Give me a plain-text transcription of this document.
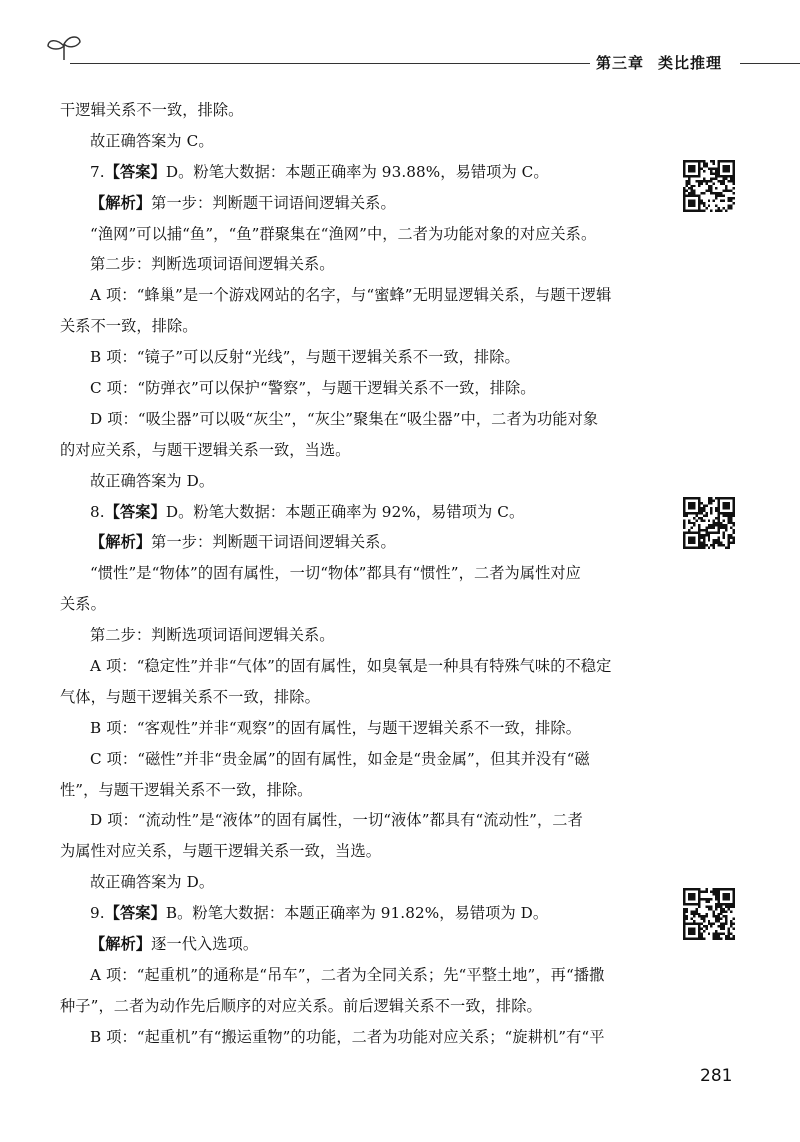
第三章 类比推理
干逻辑关系不一致，排除。
故正确答案为 C。
7.【答案】D。粉笔大数据：本题正确率为 93.88%，易错项为 C。
【解析】第一步：判断题干词语间逻辑关系。
“渔网”可以捕“鱼”，“鱼”群聚集在“渔网”中，二者为功能对象的对应关系。
第二步：判断选项词语间逻辑关系。
A 项：“蜂巢”是一个游戏网站的名字，与“蜜蜂”无明显逻辑关系，与题干逻辑
关系不一致，排除。
B 项：“镜子”可以反射“光线”，与题干逻辑关系不一致，排除。
C 项：“防弹衣”可以保护“警察”，与题干逻辑关系不一致，排除。
D 项：“吸尘器”可以吸“灰尘”，“灰尘”聚集在“吸尘器”中，二者为功能对象
的对应关系，与题干逻辑关系一致，当选。
故正确答案为 D。
8.【答案】D。粉笔大数据：本题正确率为 92%，易错项为 C。
【解析】第一步：判断题干词语间逻辑关系。
“惯性”是“物体”的固有属性，一切“物体”都具有“惯性”，二者为属性对应
关系。
第二步：判断选项词语间逻辑关系。
A 项：“稳定性”并非“气体”的固有属性，如臭氧是一种具有特殊气味的不稳定
气体，与题干逻辑关系不一致，排除。
B 项：“客观性”并非“观察”的固有属性，与题干逻辑关系不一致，排除。
C 项：“磁性”并非“贵金属”的固有属性，如金是“贵金属”，但其并没有“磁
性”，与题干逻辑关系不一致，排除。
D 项：“流动性”是“液体”的固有属性，一切“液体”都具有“流动性”，二者
为属性对应关系，与题干逻辑关系一致，当选。
故正确答案为 D。
9.【答案】B。粉笔大数据：本题正确率为 91.82%，易错项为 D。
【解析】逐一代入选项。
A 项：“起重机”的通称是“吊车”，二者为全同关系；先“平整土地”，再“播撒
种子”，二者为动作先后顺序的对应关系。前后逻辑关系不一致，排除。
B 项：“起重机”有“搬运重物”的功能，二者为功能对应关系；“旋耕机”有“平
281
